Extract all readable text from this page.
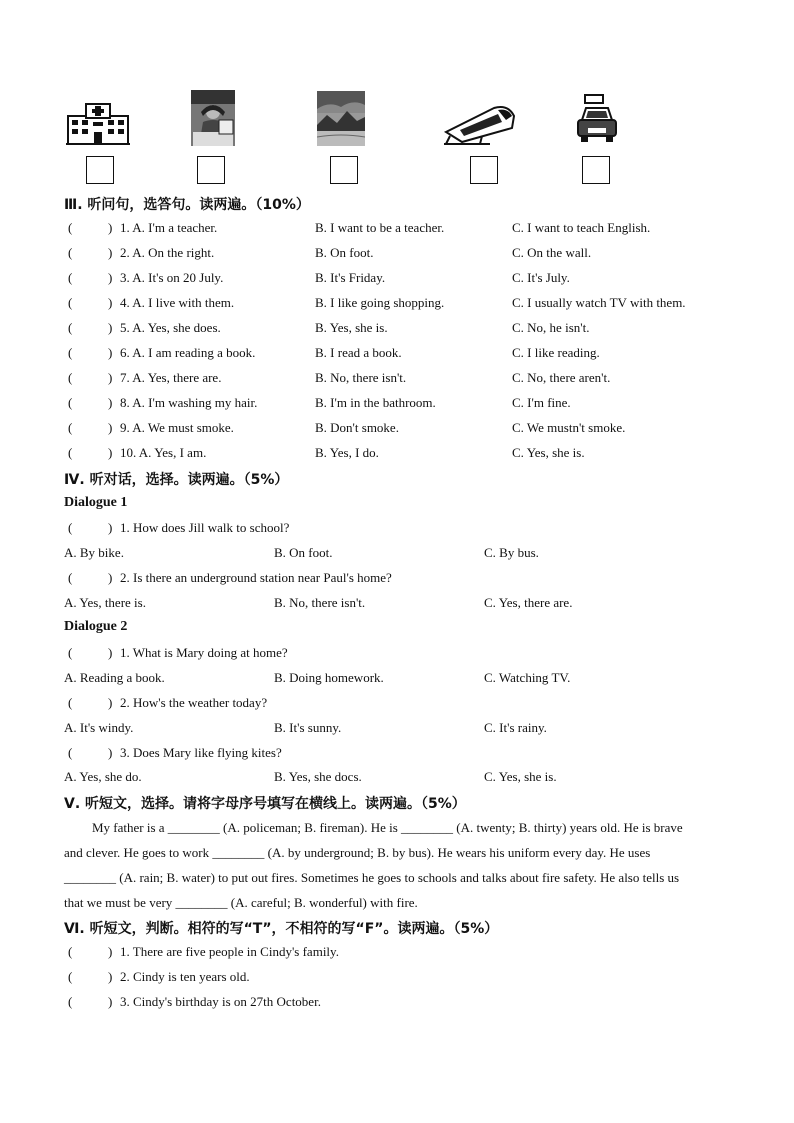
Ⅲ. 听问句，选答句。读两遍。（10%）
(	) 1. A. I'm a teacher.	B. I want to be a teacher.	C. I want to teach English.
(	) 2. A. On the right.	B. On foot.	C. On the wall.
(	) 3. A. It's on 20 July.	B. It's Friday.	C. It's July.
(	) 4. A. I live with them.	B. I like going shopping.	C. I usually watch TV with them.
(	) 5. A. Yes, she does.	B. Yes, she is.	C. No, he isn't.
(	) 6. A. I am reading a book.	B. I read a book.	C. I like reading.
(	) 7. A. Yes, there are.	B. No, there isn't.	C. No, there aren't.
(	) 8. A. I'm washing my hair.	B. I'm in the bathroom.	C. I'm fine.
(	) 9. A. We must smoke.	B. Don't smoke.	C. We mustn't smoke.
(	) 10. A. Yes, I am.	B. Yes, I do.	C. Yes, she is.
Ⅳ. 听对话，选择。读两遍。（5%）
Dialogue 1
(	) 1. How does Jill walk to school?
A. By bike.	B. On foot.	C. By bus.
(	) 2. Is there an underground station near Paul's home?
A. Yes, there is.	B. No, there isn't.	C. Yes, there are.
Dialogue 2
(	) 1. What is Mary doing at home?
A. Reading a book.	B. Doing homework.	C. Watching TV.
(	) 2. How's the weather today?
A. It's windy.	B. It's sunny.	C. It's rainy.
(	) 3. Does Mary like flying kites?
A. Yes, she do.	B. Yes, she docs.	C. Yes, she is.
Ⅴ. 听短文，选择。请将字母序号填写在横线上。读两遍。（5%）

My father is a ________ (A. policeman; B. fireman). He is ________ (A. twenty; B. thirty) years old. He is brave

and clever. He goes to work ________ (A. by underground; B. by bus). He wears his uniform every day. He uses

________ (A. rain; B. water) to put out fires. Sometimes he goes to schools and talks about fire safety. He also tells us

that we must be very ________ (A. careful; B. wonderful) with fire.

Ⅵ. 听短文，判断。相符的写“T”，不相符的写“F”。读两遍。（5%）
(	) 1. There are five people in Cindy's family.
(	) 2. Cindy is ten years old.
(	) 3. Cindy's birthday is on 27th October.
